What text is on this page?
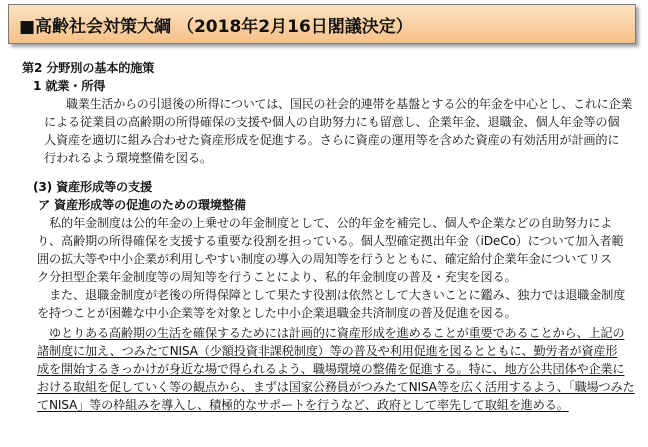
■高齢社会対策大綱 （2018年2月16日閣議決定）
第2 分野別の基本的施策
1 就業・所得
職業生活からの引退後の所得については、国民の社会的連帯を基盤とする公的年金を中心とし、これに企業
による従業員の高齢期の所得確保の支援や個人の自助努力にも留意し、企業年金、退職金、個人年金等の個
人資産を適切に組み合わせた資産形成を促進する。さらに資産の運用等を含めた資産の有効活用が計画的に
行われるよう環境整備を図る。
(3) 資産形成等の支援
ア 資産形成等の促進のための環境整備
私的年金制度は公的年金の上乗せの年金制度として、公的年金を補完し、個人や企業などの自助努力によ
り、高齢期の所得確保を支援する重要な役割を担っている。個人型確定拠出年金（iDeCo）について加入者範
囲の拡大等や中小企業が利用しやすい制度の導入の周知等を行うとともに、確定給付企業年金についてリス
ク分担型企業年金制度等の周知等を行うことにより、私的年金制度の普及・充実を図る。
また、退職金制度が老後の所得保障として果たす役割は依然として大きいことに鑑み、独力では退職金制度
を持つことが困難な中小企業等を対象とした中小企業退職金共済制度の普及促進を図る。
ゆとりある高齢期の生活を確保するためには計画的に資産形成を進めることが重要であることから、上記の
諸制度に加え、つみたてNISA（少額投資非課税制度）等の普及や利用促進を図るとともに、勤労者が資産形
成を開始するきっかけが身近な場で得られるよう、職場環境の整備を促進する。特に、地方公共団体や企業に
おける取組を促していく等の観点から、まずは国家公務員がつみたてNISA等を広く活用するよう、「職場つみた
てNISA」等の枠組みを導入し、積極的なサポートを行うなど、政府として率先して取組を進める。
